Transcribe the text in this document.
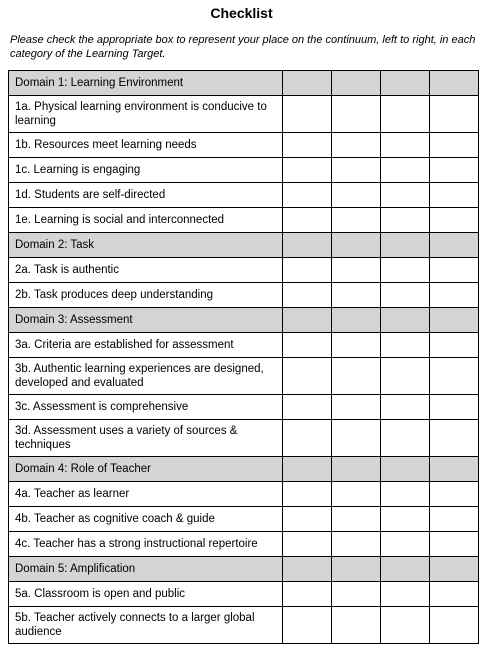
Checklist
Please check the appropriate box to represent your place on the continuum, left to right, in each category of the Learning Target.
Domain 1: Learning Environment				
1a. Physical learning environment is conducive to learning				
1b. Resources meet learning needs				
1c. Learning is engaging				
1d. Students are self-directed				
1e. Learning is social and interconnected				
Domain 2: Task				
2a. Task is authentic				
2b. Task produces deep understanding				
Domain 3: Assessment				
3a. Criteria are established for assessment				
3b. Authentic learning experiences are designed, developed and evaluated				
3c. Assessment is comprehensive				
3d. Assessment uses a variety of sources & techniques				
Domain 4: Role of Teacher				
4a. Teacher as learner				
4b. Teacher as cognitive coach & guide				
4c. Teacher has a strong instructional repertoire				
Domain 5: Amplification				
5a. Classroom is open and public				
5b. Teacher actively connects to a larger global audience				
